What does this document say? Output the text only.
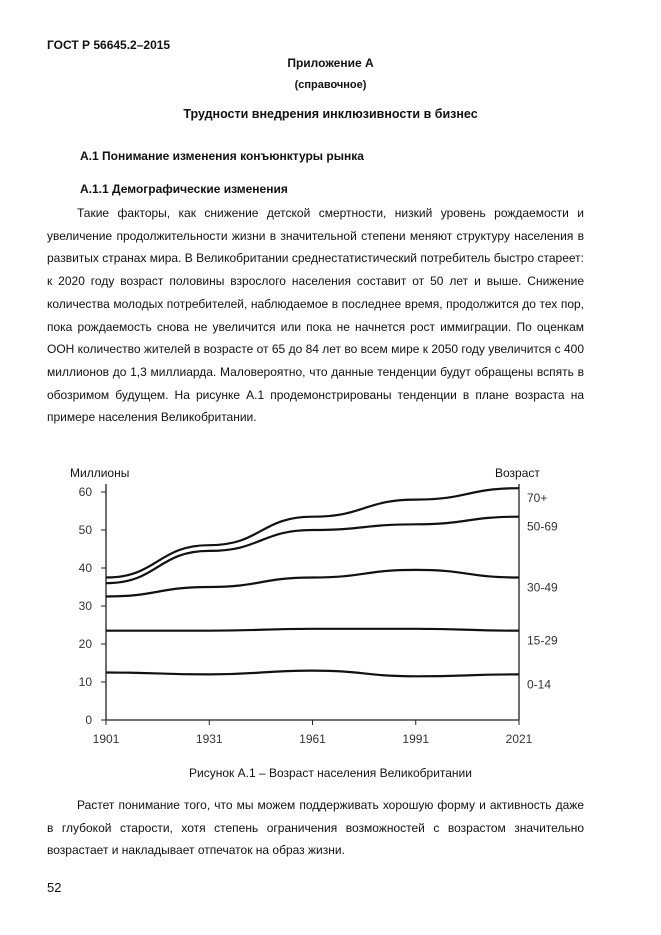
ГОСТ Р 56645.2–2015
Приложение А
(справочное)
Трудности внедрения инклюзивности в бизнес
А.1 Понимание изменения конъюнктуры рынка
А.1.1 Демографические изменения
Такие факторы, как снижение детской смертности, низкий уровень рождаемости и увеличение продолжительности жизни в значительной степени меняют структуру населения в развитых странах мира. В Великобритании среднестатистический потребитель быстро стареет: к 2020 году возраст половины взрослого населения составит от 50 лет и выше. Снижение количества молодых потребителей, наблюдаемое в последнее время, продолжится до тех пор, пока рождаемость снова не увеличится или пока не начнется рост иммиграции. По оценкам ООН количество жителей в возрасте от 65 до 84 лет во всем мире к 2050 году увеличится с 400 миллионов до 1,3 миллиарда. Маловероятно, что данные тенденции будут обращены вспять в обозримом будущем. На рисунке А.1 продемонстрированы тенденции в плане возраста на примере населения Великобритании.
Миллионы	Возраст
0
10
20
30
40
50
60
1901	1931	1961	1991	2021
70+
50-69
30-49
15-29
0-14
Рисунок А.1 – Возраст населения Великобритании
Растет понимание того, что мы можем поддерживать хорошую форму и активность даже в глубокой старости, хотя степень ограничения возможностей с возрастом значительно возрастает и накладывает отпечаток на образ жизни.
52
